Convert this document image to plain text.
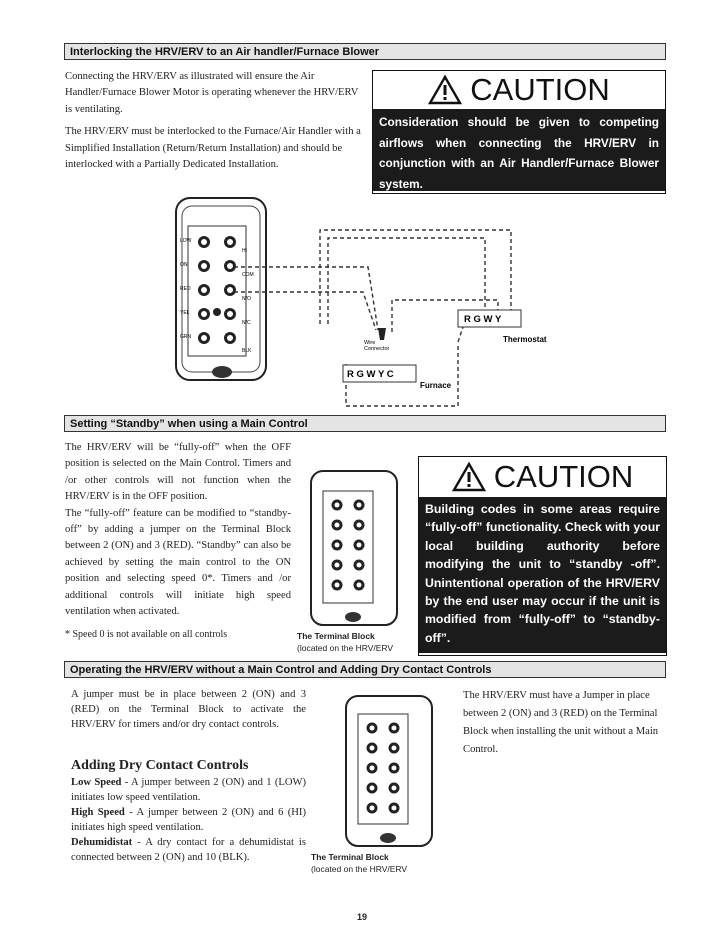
Interlocking the HRV/ERV to an Air handler/Furnace Blower

Connecting the HRV/ERV as illustrated will ensure the Air Handler/Furnace Blower Motor is operating whenever the HRV/ERV is ventilating.

The HRV/ERV must be interlocked to the Furnace/Air Handler with a Simplified Installation (Return/Return Installation) and should be interlocked with a Partially Dedicated Installation.

CAUTION
Consideration should be given to competing airflows when connecting the HRV/ERV in conjunction with an Air Handler/Furnace Blower system.
LOW
ON
RED
YEL
GRN
HI
COM
N/O
N/C
BLK
Wire
Connector
R G W Y
Thermostat
R G W Y C
Furnace
Setting “Standby” when using a Main Control
The HRV/ERV will be “fully-off” when the OFF position is selected on the Main Control. Timers and /or other controls will not function when the HRV/ERV is in the OFF position.
The “fully-off” feature can be modified to “standby-off” by adding a jumper on the Terminal Block between 2 (ON) and 3 (RED). “Standby” can also be achieved by setting the main control to the ON position and selecting speed 0*. Timers and /or additional controls will initiate high speed ventilation when activated.
* Speed 0 is not available on all controls	The Terminal Block
(located on the HRV/ERV
CAUTION
Building codes in some areas require “fully-off” functionality. Check with your local building authority before modifying the unit to “standby -off”. Unintentional operation of the HRV/ERV by the end user may occur if the unit is modified from “fully-off” to “standby-off”.
Operating the HRV/ERV without a Main Control and Adding Dry Contact Controls
A jumper must be in place between 2 (ON) and 3 (RED) on the Terminal Block to activate the HRV/ERV for timers and/or dry contact controls.
Adding Dry Contact Controls
Low Speed - A jumper between 2 (ON) and 1 (LOW) initiates low speed ventilation.
High Speed - A jumper between 2 (ON) and 6 (HI) initiates high speed ventilation.
Dehumidistat - A dry contact for a dehumidistat is connected between 2 (ON) and 10 (BLK).	The Terminal Block
(located on the HRV/ERV
The HRV/ERV must have a Jumper in place between 2 (ON) and 3 (RED) on the Terminal Block when installing the unit without a Main Control.
19
